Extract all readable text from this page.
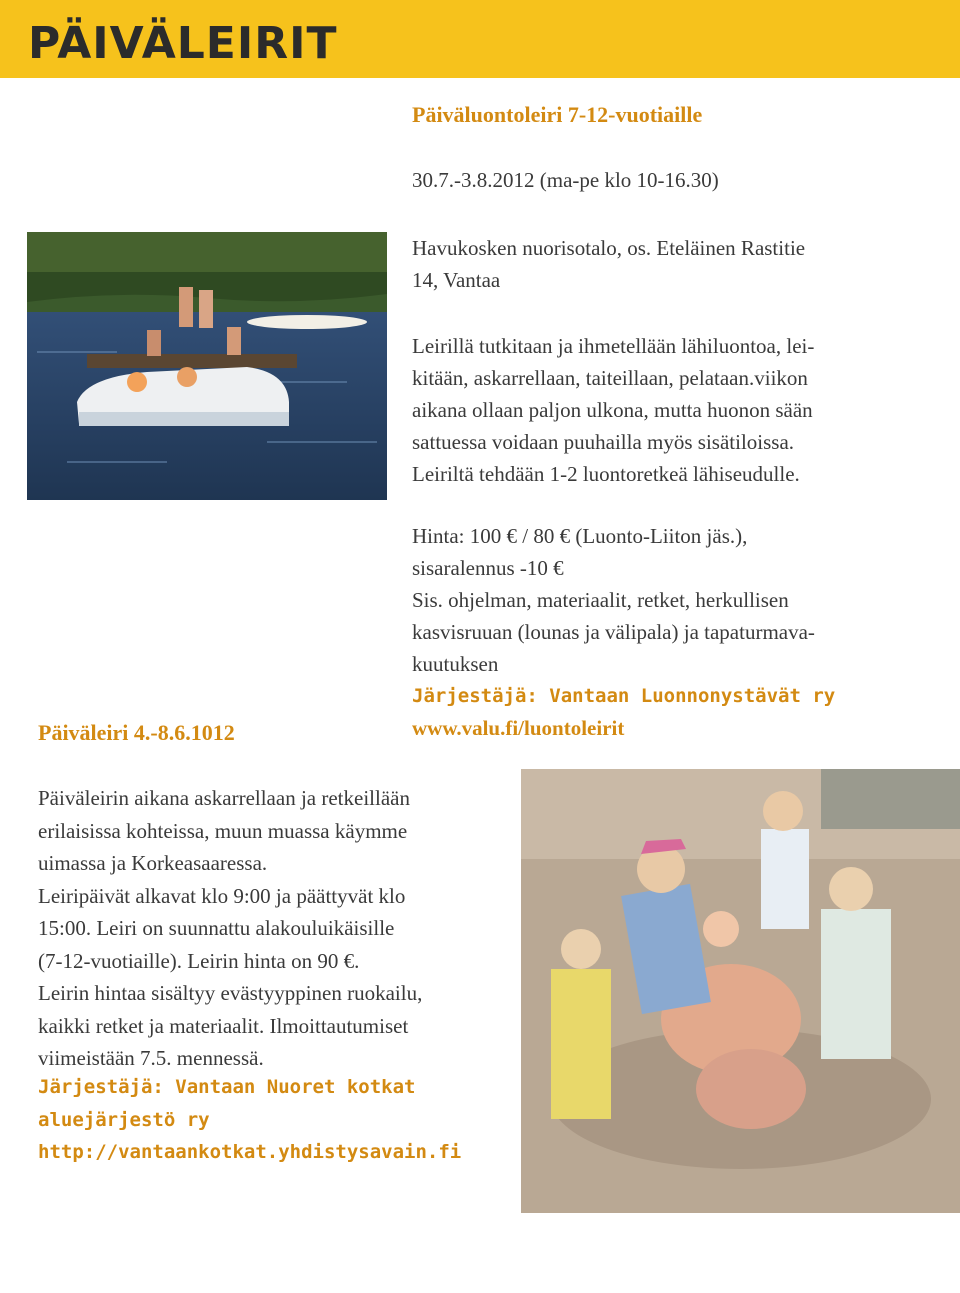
PÄIVÄLEIRIT
Päiväluontoleiri 7-12-vuotiaille

30.7.-3.8.2012 (ma-pe klo 10-16.30)

Havukosken nuorisotalo, os. Eteläinen Rastitie

14, Vantaa

Leirillä tutkitaan ja ihmetellään lähiluontoa, lei-

kitään, askarrellaan, taiteillaan, pelataan.viikon

aikana ollaan paljon ulkona, mutta huonon sään

sattuessa voidaan puuhailla myös sisätiloissa.

Leiriltä tehdään 1-2 luontoretkeä lähiseudulle.

Hinta: 100 € / 80 € (Luonto-Liiton jäs.),

sisaralennus -10 €

Sis. ohjelman, materiaalit, retket, herkullisen

kasvisruuan (lounas ja välipala) ja tapaturmava-

kuutuksen

Järjestäjä: Vantaan Luonnonystävät ry

www.valu.fi/luontoleirit

Päiväleiri 4.-8.6.1012

Päiväleirin aikana askarrellaan ja retkeillään

erilaisissa kohteissa, muun muassa käymme

uimassa ja Korkeasaaressa.

Leiripäivät alkavat klo 9:00 ja päättyvät klo

15:00. Leiri on suunnattu alakouluikäisille

(7-12-vuotiaille). Leirin hinta on 90 €.

Leirin hintaa sisältyy evästyyppinen ruokailu,

kaikki retket ja materiaalit. Ilmoittautumiset

viimeistään 7.5. mennessä.

Järjestäjä: Vantaan Nuoret kotkat

aluejärjestö ry

http://vantaankotkat.yhdistysavain.fi
